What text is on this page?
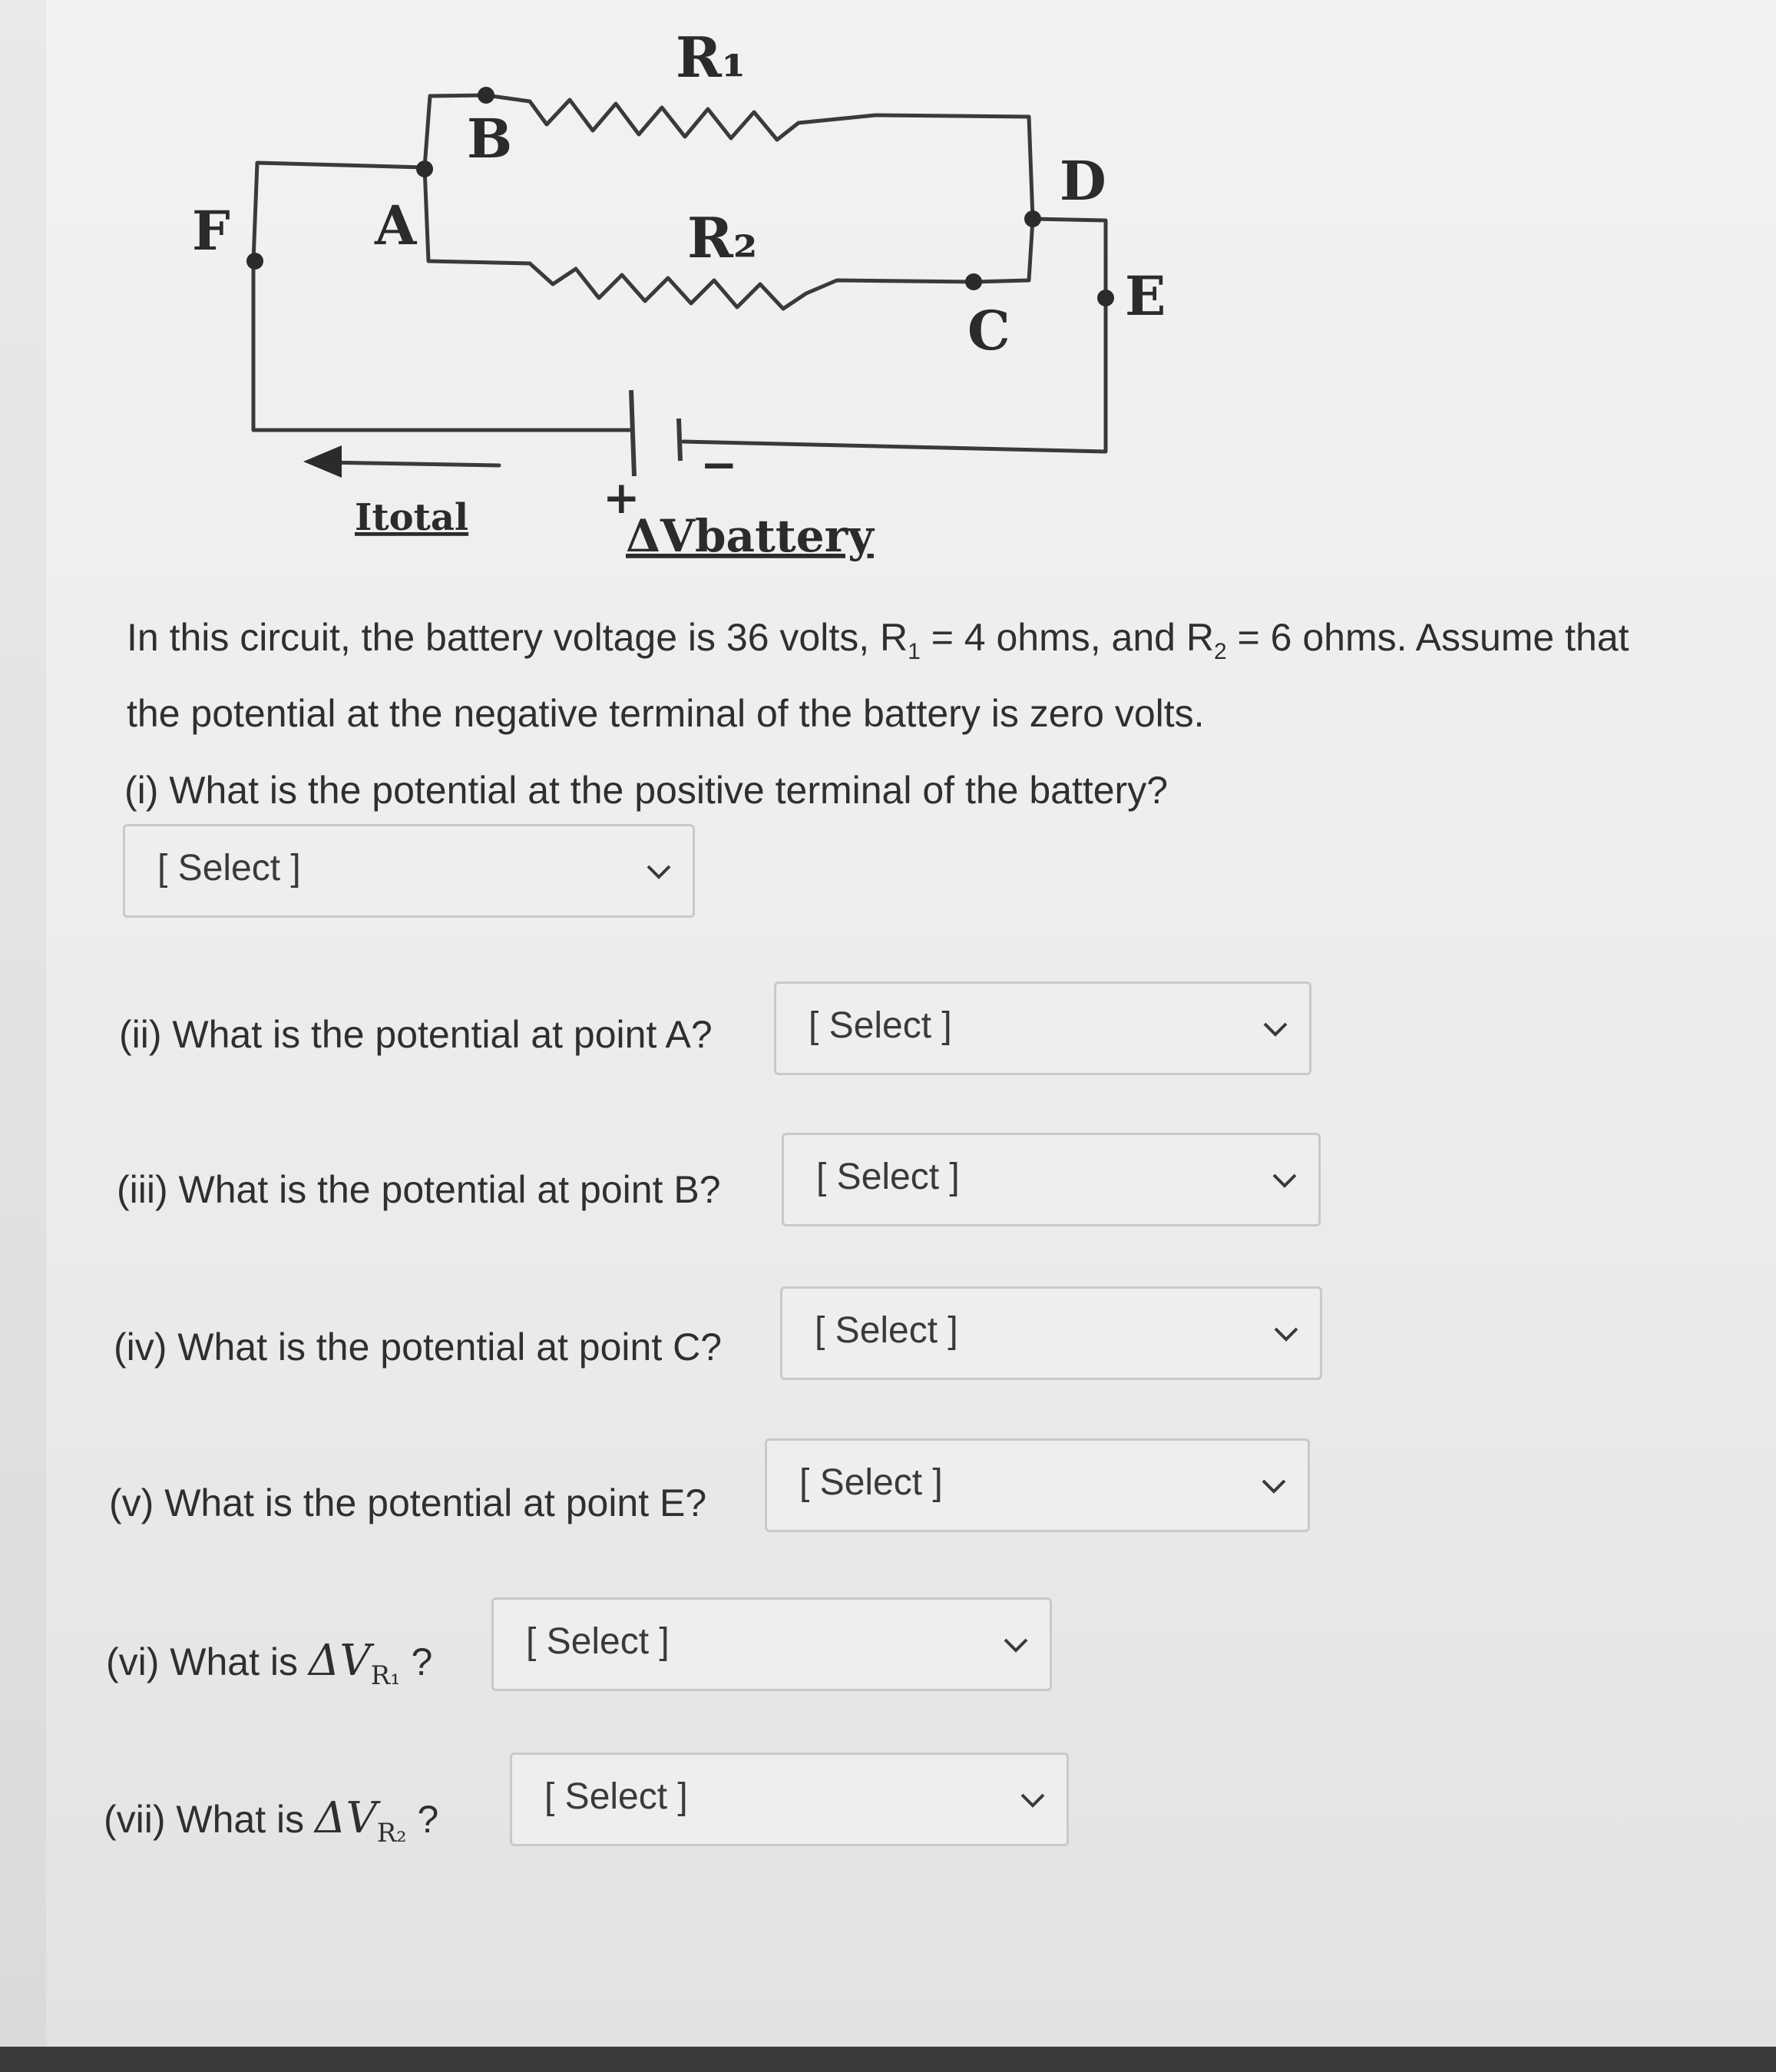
R₁
R₂
A
B
C
D
E
F
Itotal	+
−
ΔVbattery

In this circuit, the battery voltage is 36 volts, $R_1 = 4$ ohms, and $R_2 = 6$ ohms. Assume that the potential at the negative terminal of the battery is zero volts.

(i) What is the potential at the positive terminal of the battery?
[ Select ]
(ii) What is the potential at point A?	[ Select ]
(iii) What is the potential at point B?	[ Select ]
(iv) What is the potential at point C?	[ Select ]
(v) What is the potential at point E?	[ Select ]
(vi) What is $\Delta V_{R_1}$ ?	[ Select ]
(vii) What is $\Delta V_{R_2}$ ?
[ Select ]
